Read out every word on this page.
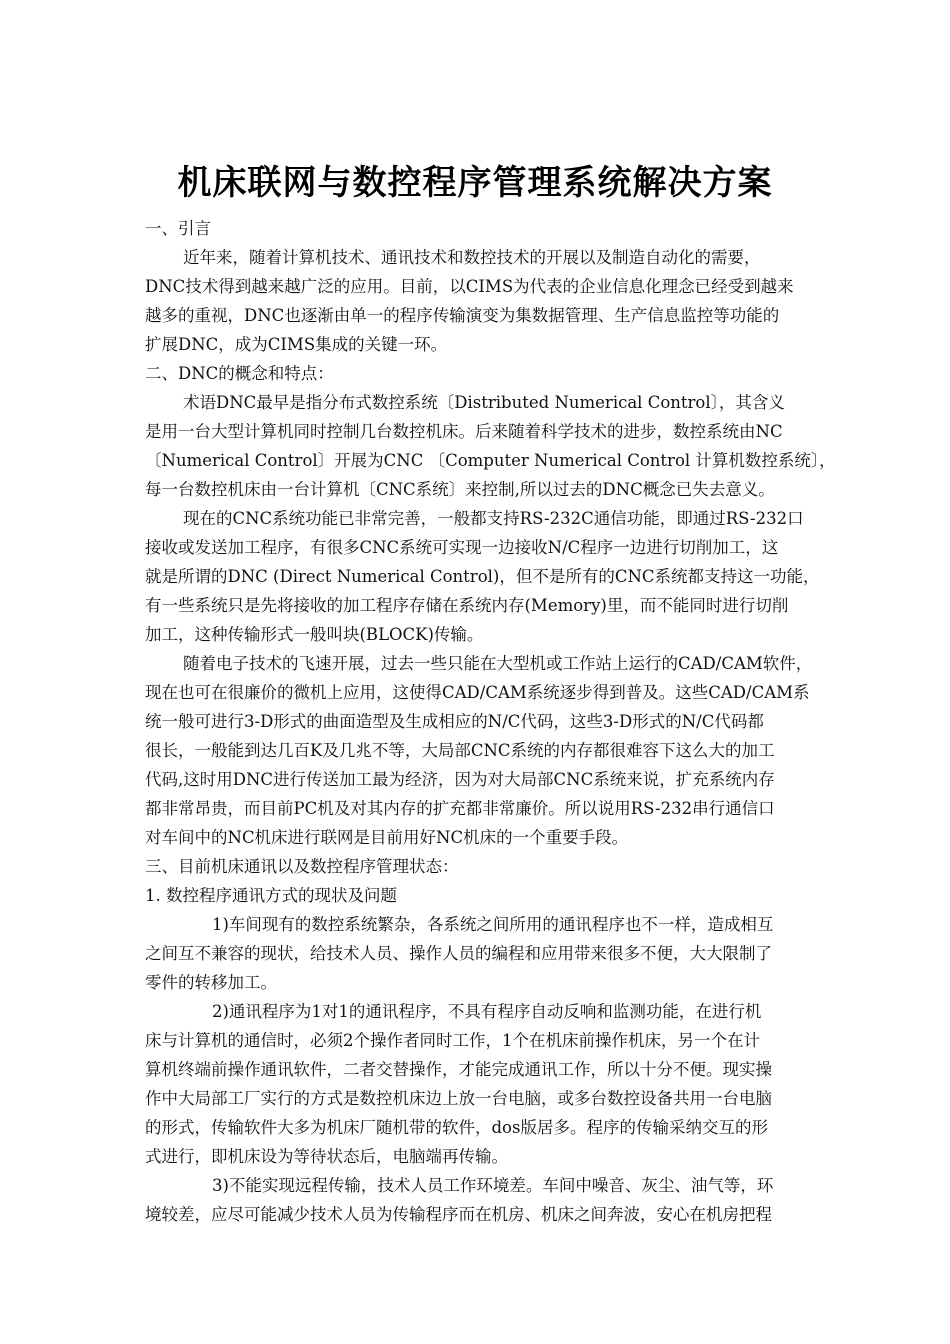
机床联网与数控程序管理系统解决方案
一、引言
近年来，随着计算机技术、通讯技术和数控技术的开展以及制造自动化的需要，
DNC技术得到越来越广泛的应用。目前，以CIMS为代表的企业信息化理念已经受到越来
越多的重视，DNC也逐渐由单一的程序传输演变为集数据管理、生产信息监控等功能的
扩展DNC，成为CIMS集成的关键一环。
二、DNC的概念和特点：
术语DNC最早是指分布式数控系统〔Distributed Numerical Control〕，其含义
是用一台大型计算机同时控制几台数控机床。后来随着科学技术的进步，数控系统由NC
〔Numerical Control〕开展为CNC 〔Computer Numerical Control 计算机数控系统〕，
每一台数控机床由一台计算机〔CNC系统〕来控制,所以过去的DNC概念已失去意义。
现在的CNC系统功能已非常完善，一般都支持RS-232C通信功能，即通过RS-232口
接收或发送加工程序，有很多CNC系统可实现一边接收N/C程序一边进行切削加工，这
就是所谓的DNC (Direct Numerical Control)，但不是所有的CNC系统都支持这一功能，
有一些系统只是先将接收的加工程序存储在系统内存(Memory)里，而不能同时进行切削
加工，这种传输形式一般叫块(BLOCK)传输。
随着电子技术的飞速开展，过去一些只能在大型机或工作站上运行的CAD/CAM软件，
现在也可在很廉价的微机上应用，这使得CAD/CAM系统逐步得到普及。这些CAD/CAM系
统一般可进行3-D形式的曲面造型及生成相应的N/C代码，这些3-D形式的N/C代码都
很长，一般能到达几百K及几兆不等，大局部CNC系统的内存都很难容下这么大的加工
代码,这时用DNC进行传送加工最为经济，因为对大局部CNC系统来说，扩充系统内存
都非常昂贵，而目前PC机及对其内存的扩充都非常廉价。所以说用RS-232串行通信口
对车间中的NC机床进行联网是目前用好NC机床的一个重要手段。
三、目前机床通讯以及数控程序管理状态：
1. 数控程序通讯方式的现状及问题
1)车间现有的数控系统繁杂，各系统之间所用的通讯程序也不一样，造成相互
之间互不兼容的现状，给技术人员、操作人员的编程和应用带来很多不便，大大限制了
零件的转移加工。
2)通讯程序为1对1的通讯程序，不具有程序自动反响和监测功能，在进行机
床与计算机的通信时，必须2个操作者同时工作，1个在机床前操作机床，另一个在计
算机终端前操作通讯软件，二者交替操作，才能完成通讯工作，所以十分不便。现实操
作中大局部工厂实行的方式是数控机床边上放一台电脑，或多台数控设备共用一台电脑
的形式，传输软件大多为机床厂随机带的软件，dos版居多。程序的传输采纳交互的形
式进行，即机床设为等待状态后，电脑端再传输。
3)不能实现远程传输，技术人员工作环境差。车间中噪音、灰尘、油气等，环
境较差，应尽可能减少技术人员为传输程序而在机房、机床之间奔波，安心在机房把程
